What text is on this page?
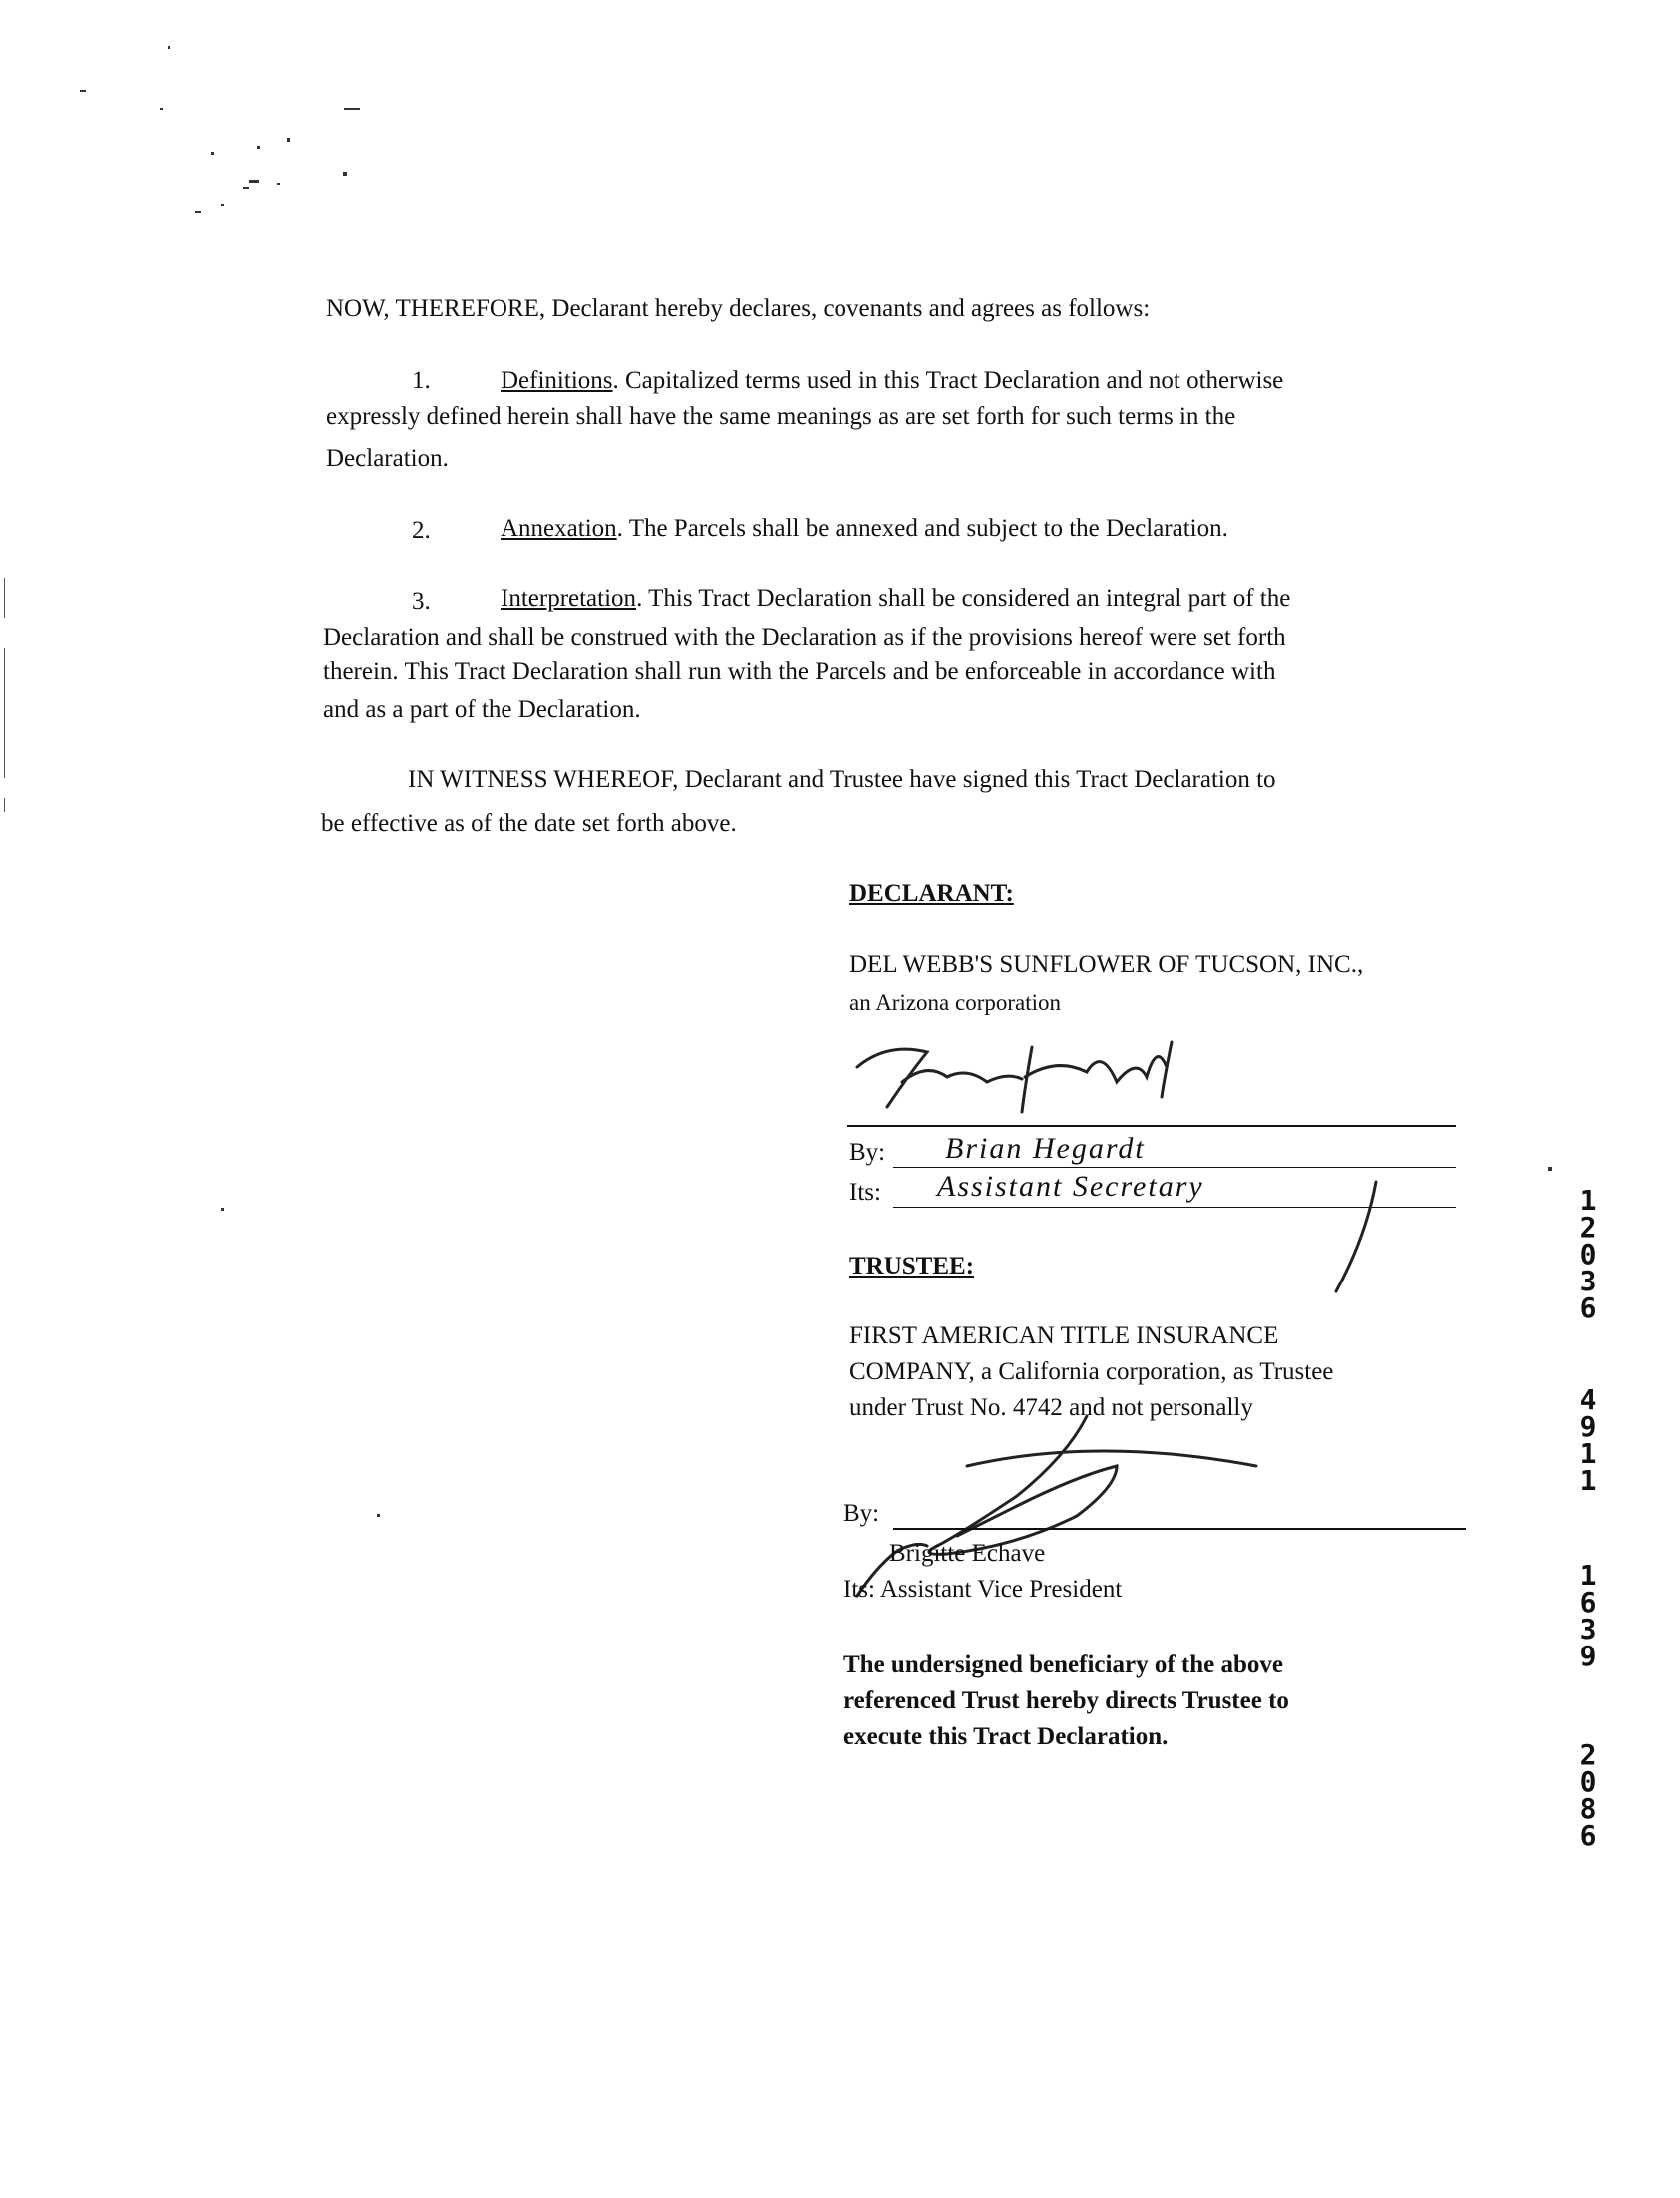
NOW, THEREFORE, Declarant hereby declares, covenants and agrees as follows:
1.	Definitions. Capitalized terms used in this Tract Declaration and not otherwise
expressly defined herein shall have the same meanings as are set forth for such terms in the
Declaration.
2.	Annexation. The Parcels shall be annexed and subject to the Declaration.
3.	Interpretation. This Tract Declaration shall be considered an integral part of the
Declaration and shall be construed with the Declaration as if the provisions hereof were set forth
therein. This Tract Declaration shall run with the Parcels and be enforceable in accordance with
and as a part of the Declaration.
IN WITNESS WHEREOF, Declarant and Trustee have signed this Tract Declaration to
be effective as of the date set forth above.
DECLARANT:
DEL WEBB'S SUNFLOWER OF TUCSON, INC.,
an Arizona corporation
By: Brian Hegardt
Its: Assistant Secretary
TRUSTEE:
FIRST AMERICAN TITLE INSURANCE
COMPANY, a California corporation, as Trustee
under Trust No. 4742 and not personally
By:
Brigitte Echave
Its: Assistant Vice President
The undersigned beneficiary of the above
referenced Trust hereby directs Trustee to
execute this Tract Declaration.
1
2
0
3
6
4
9
1
1
1
6
3
9
2
0
8
6
